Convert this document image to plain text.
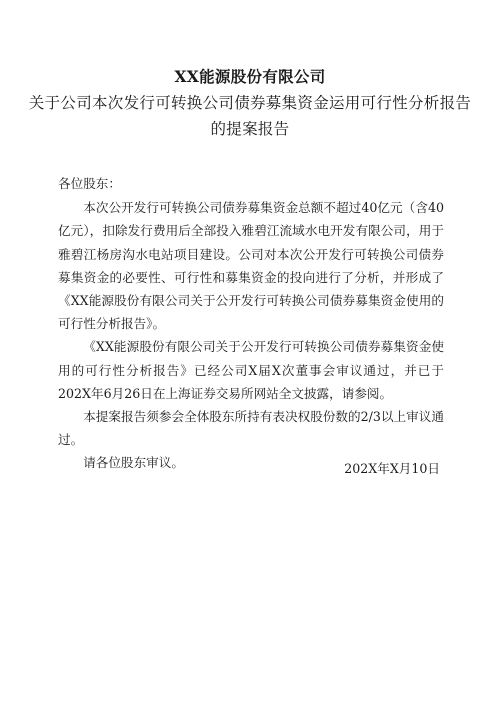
XX能源股份有限公司

关于公司本次发行可转换公司债券募集资金运用可行性分析报告

的提案报告

各位股东：

本次公开发行可转换公司债券募集资金总额不超过40亿元（含40亿元），扣除发行费用后全部投入雅碧江流域水电开发有限公司，用于雅碧江杨房沟水电站项目建设。公司对本次公开发行可转换公司债券募集资金的必要性、可行性和募集资金的投向进行了分析，并形成了《XX能源股份有限公司关于公开发行可转换公司债券募集资金使用的可行性分析报告》。

《XX能源股份有限公司关于公开发行可转换公司债券募集资金使用的可行性分析报告》已经公司X届X次董事会审议通过，并已于202X年6月26日在上海证券交易所网站全文披露，请参阅。

本提案报告须参会全体股东所持有表决权股份数的2/3以上审议通过。

请各位股东审议。	202X年X月10日
